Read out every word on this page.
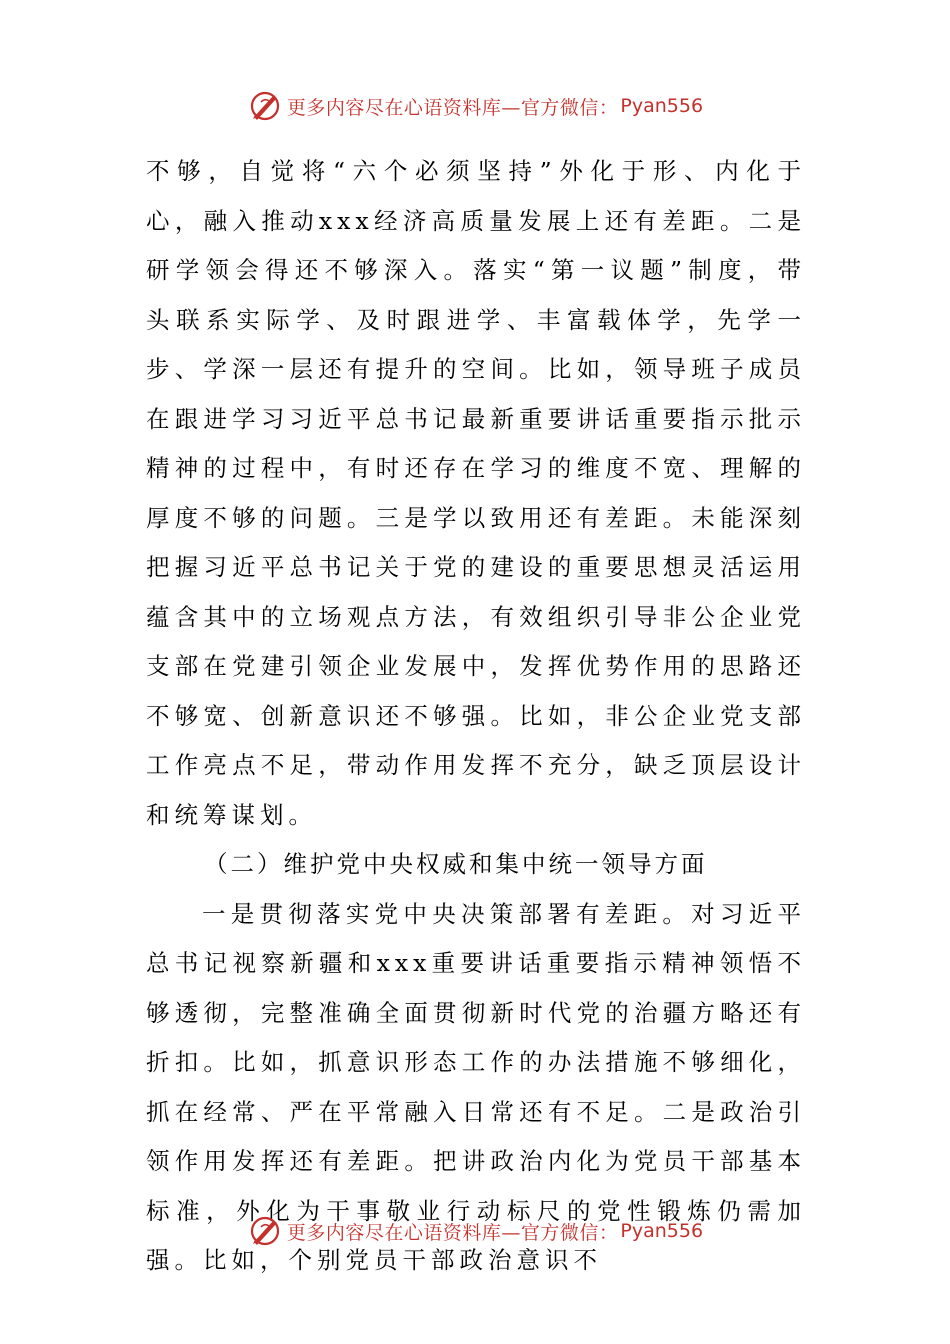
更多内容尽在心语资料库—官方微信： Pyan556

不够，自觉将“六个必须坚持”外化于形、内化于心，融入推动xxx经济高质量发展上还有差距。二是研学领会得还不够深入。落实“第一议题”制度，带头联系实际学、及时跟进学、丰富载体学，先学一步、学深一层还有提升的空间。比如，领导班子成员在跟进学习习近平总书记最新重要讲话重要指示批示精神的过程中，有时还存在学习的维度不宽、理解的厚度不够的问题。三是学以致用还有差距。未能深刻把握习近平总书记关于党的建设的重要思想灵活运用蕴含其中的立场观点方法，有效组织引导非公企业党支部在党建引领企业发展中，发挥优势作用的思路还不够宽、创新意识还不够强。比如，非公企业党支部工作亮点不足，带动作用发挥不充分，缺乏顶层设计和统筹谋划。

（二）维护党中央权威和集中统一领导方面

一是贯彻落实党中央决策部署有差距。对习近平总书记视察新疆和xxx重要讲话重要指示精神领悟不够透彻，完整准确全面贯彻新时代党的治疆方略还有折扣。比如，抓意识形态工作的办法措施不够细化，抓在经常、严在平常融入日常还有不足。二是政治引领作用发挥还有差距。把讲政治内化为党员干部基本标准，外化为干事敬业行动标尺的党性锻炼仍需加强。比如，个别党员干部政治意识不

更多内容尽在心语资料库—官方微信： Pyan556
